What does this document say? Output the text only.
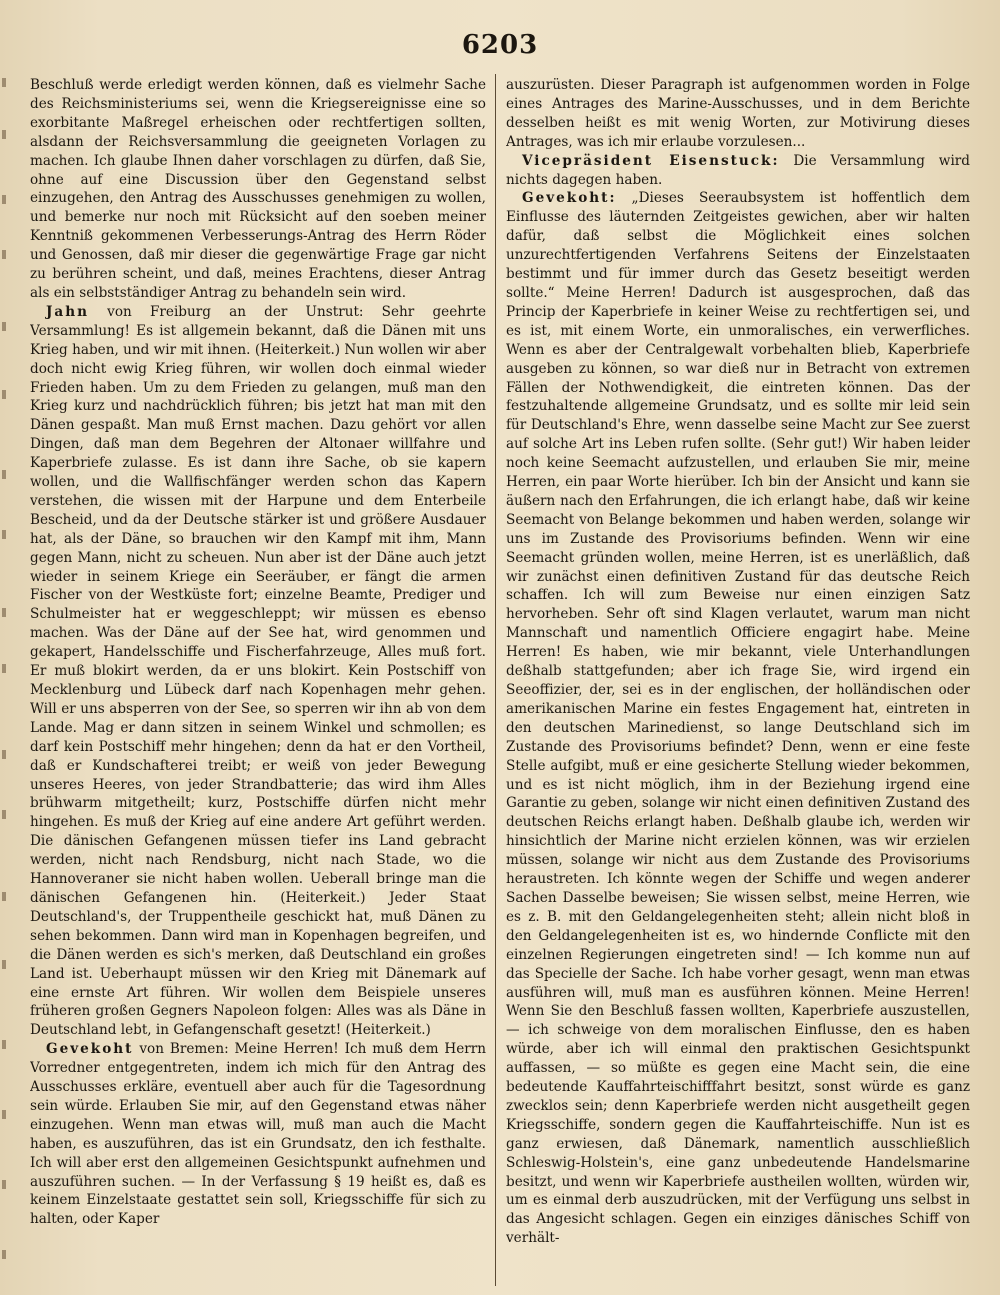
6203

Beschluß werde erledigt werden können, daß es vielmehr Sache des Reichsministeriums sei, wenn die Kriegsereignisse eine so exorbitante Maßregel erheischen oder rechtfertigen sollten, alsdann der Reichsversammlung die geeigneten Vorlagen zu machen. Ich glaube Ihnen daher vorschlagen zu dürfen, daß Sie, ohne auf eine Discussion über den Gegenstand selbst einzugehen, den Antrag des Ausschusses genehmigen zu wollen, und bemerke nur noch mit Rücksicht auf den soeben meiner Kenntniß gekommenen Verbesserungs-Antrag des Herrn Röder und Genossen, daß mir dieser die gegenwärtige Frage gar nicht zu berühren scheint, und daß, meines Erachtens, dieser Antrag als ein selbstständiger Antrag zu behandeln sein wird.

Jahn von Freiburg an der Unstrut: Sehr geehrte Versammlung! Es ist allgemein bekannt, daß die Dänen mit uns Krieg haben, und wir mit ihnen. (Heiterkeit.) Nun wollen wir aber doch nicht ewig Krieg führen, wir wollen doch einmal wieder Frieden haben. Um zu dem Frieden zu gelangen, muß man den Krieg kurz und nachdrücklich führen; bis jetzt hat man mit den Dänen gespaßt. Man muß Ernst machen. Dazu gehört vor allen Dingen, daß man dem Begehren der Altonaer willfahre und Kaperbriefe zulasse. Es ist dann ihre Sache, ob sie kapern wollen, und die Wallfischfänger werden schon das Kapern verstehen, die wissen mit der Harpune und dem Enterbeile Bescheid, und da der Deutsche stärker ist und größere Ausdauer hat, als der Däne, so brauchen wir den Kampf mit ihm, Mann gegen Mann, nicht zu scheuen. Nun aber ist der Däne auch jetzt wieder in seinem Kriege ein Seeräuber, er fängt die armen Fischer von der Westküste fort; einzelne Beamte, Prediger und Schulmeister hat er weggeschleppt; wir müssen es ebenso machen. Was der Däne auf der See hat, wird genommen und gekapert, Handelsschiffe und Fischerfahrzeuge, Alles muß fort. Er muß blokirt werden, da er uns blokirt. Kein Postschiff von Mecklenburg und Lübeck darf nach Kopenhagen mehr gehen. Will er uns absperren von der See, so sperren wir ihn ab von dem Lande. Mag er dann sitzen in seinem Winkel und schmollen; es darf kein Postschiff mehr hingehen; denn da hat er den Vortheil, daß er Kundschafterei treibt; er weiß von jeder Bewegung unseres Heeres, von jeder Strandbatterie; das wird ihm Alles brühwarm mitgetheilt; kurz, Postschiffe dürfen nicht mehr hingehen. Es muß der Krieg auf eine andere Art geführt werden. Die dänischen Gefangenen müssen tiefer ins Land gebracht werden, nicht nach Rendsburg, nicht nach Stade, wo die Hannoveraner sie nicht haben wollen. Ueberall bringe man die dänischen Gefangenen hin. (Heiterkeit.) Jeder Staat Deutschland's, der Truppentheile geschickt hat, muß Dänen zu sehen bekommen. Dann wird man in Kopenhagen begreifen, und die Dänen werden es sich's merken, daß Deutschland ein großes Land ist. Ueberhaupt müssen wir den Krieg mit Dänemark auf eine ernste Art führen. Wir wollen dem Beispiele unseres früheren großen Gegners Napoleon folgen: Alles was als Däne in Deutschland lebt, in Gefangenschaft gesetzt! (Heiterkeit.)

Gevekoht von Bremen: Meine Herren! Ich muß dem Herrn Vorredner entgegentreten, indem ich mich für den Antrag des Ausschusses erkläre, eventuell aber auch für die Tagesordnung sein würde. Erlauben Sie mir, auf den Gegenstand etwas näher einzugehen. Wenn man etwas will, muß man auch die Macht haben, es auszuführen, das ist ein Grundsatz, den ich festhalte. Ich will aber erst den allgemeinen Gesichtspunkt aufnehmen und auszuführen suchen. — In der Verfassung § 19 heißt es, daß es keinem Einzelstaate gestattet sein soll, Kriegsschiffe für sich zu halten, oder Kaper

auszurüsten. Dieser Paragraph ist aufgenommen worden in Folge eines Antrages des Marine-Ausschusses, und in dem Berichte desselben heißt es mit wenig Worten, zur Motivirung dieses Antrages, was ich mir erlaube vorzulesen...

Vicepräsident Eisenstuck: Die Versammlung wird nichts dagegen haben.

Gevekoht: „Dieses Seeraubsystem ist hoffentlich dem Einflusse des läuternden Zeitgeistes gewichen, aber wir halten dafür, daß selbst die Möglichkeit eines solchen unzurechtfertigenden Verfahrens Seitens der Einzelstaaten bestimmt und für immer durch das Gesetz beseitigt werden sollte.“ Meine Herren! Dadurch ist ausgesprochen, daß das Princip der Kaperbriefe in keiner Weise zu rechtfertigen sei, und es ist, mit einem Worte, ein unmoralisches, ein verwerfliches. Wenn es aber der Centralgewalt vorbehalten blieb, Kaperbriefe ausgeben zu können, so war dieß nur in Betracht von extremen Fällen der Nothwendigkeit, die eintreten können. Das der festzuhaltende allgemeine Grundsatz, und es sollte mir leid sein für Deutschland's Ehre, wenn dasselbe seine Macht zur See zuerst auf solche Art ins Leben rufen sollte. (Sehr gut!) Wir haben leider noch keine Seemacht aufzustellen, und erlauben Sie mir, meine Herren, ein paar Worte hierüber. Ich bin der Ansicht und kann sie äußern nach den Erfahrungen, die ich erlangt habe, daß wir keine Seemacht von Belange bekommen und haben werden, solange wir uns im Zustande des Provisoriums befinden. Wenn wir eine Seemacht gründen wollen, meine Herren, ist es unerläßlich, daß wir zunächst einen definitiven Zustand für das deutsche Reich schaffen. Ich will zum Beweise nur einen einzigen Satz hervorheben. Sehr oft sind Klagen verlautet, warum man nicht Mannschaft und namentlich Officiere engagirt habe. Meine Herren! Es haben, wie mir bekannt, viele Unterhandlungen deßhalb stattgefunden; aber ich frage Sie, wird irgend ein Seeoffizier, der, sei es in der englischen, der holländischen oder amerikanischen Marine ein festes Engagement hat, eintreten in den deutschen Marinedienst, so lange Deutschland sich im Zustande des Provisoriums befindet? Denn, wenn er eine feste Stelle aufgibt, muß er eine gesicherte Stellung wieder bekommen, und es ist nicht möglich, ihm in der Beziehung irgend eine Garantie zu geben, solange wir nicht einen definitiven Zustand des deutschen Reichs erlangt haben. Deßhalb glaube ich, werden wir hinsichtlich der Marine nicht erzielen können, was wir erzielen müssen, solange wir nicht aus dem Zustande des Provisoriums heraustreten. Ich könnte wegen der Schiffe und wegen anderer Sachen Dasselbe beweisen; Sie wissen selbst, meine Herren, wie es z. B. mit den Geldangelegenheiten steht; allein nicht bloß in den Geldangelegenheiten ist es, wo hindernde Conflicte mit den einzelnen Regierungen eingetreten sind! — Ich komme nun auf das Specielle der Sache. Ich habe vorher gesagt, wenn man etwas ausführen will, muß man es ausführen können. Meine Herren! Wenn Sie den Beschluß fassen wollten, Kaperbriefe auszustellen, — ich schweige von dem moralischen Einflusse, den es haben würde, aber ich will einmal den praktischen Gesichtspunkt auffassen, — so müßte es gegen eine Macht sein, die eine bedeutende Kauffahrteischifffahrt besitzt, sonst würde es ganz zwecklos sein; denn Kaperbriefe werden nicht ausgetheilt gegen Kriegsschiffe, sondern gegen die Kauffahrteischiffe. Nun ist es ganz erwiesen, daß Dänemark, namentlich ausschließlich Schleswig-Holstein's, eine ganz unbedeutende Handelsmarine besitzt, und wenn wir Kaperbriefe austheilen wollten, würden wir, um es einmal derb auszudrücken, mit der Verfügung uns selbst in das Angesicht schlagen. Gegen ein einziges dänisches Schiff von verhält-
